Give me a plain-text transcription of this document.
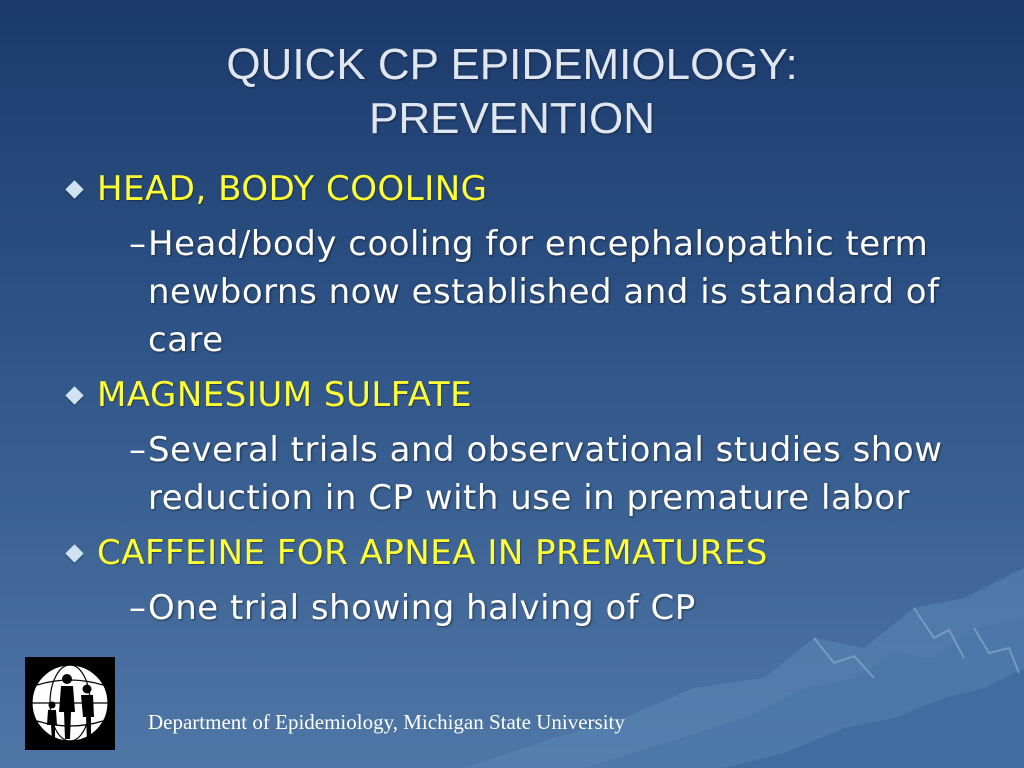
QUICK CP EPIDEMIOLOGY:
PREVENTION
HEAD, BODY COOLING
– Head/body cooling for encephalopathic term newborns now established and is standard of care
MAGNESIUM SULFATE
– Several trials and observational studies show reduction in CP with use in premature labor
CAFFEINE FOR APNEA IN PREMATURES
– One trial showing halving of CP
Department of Epidemiology, Michigan State University
